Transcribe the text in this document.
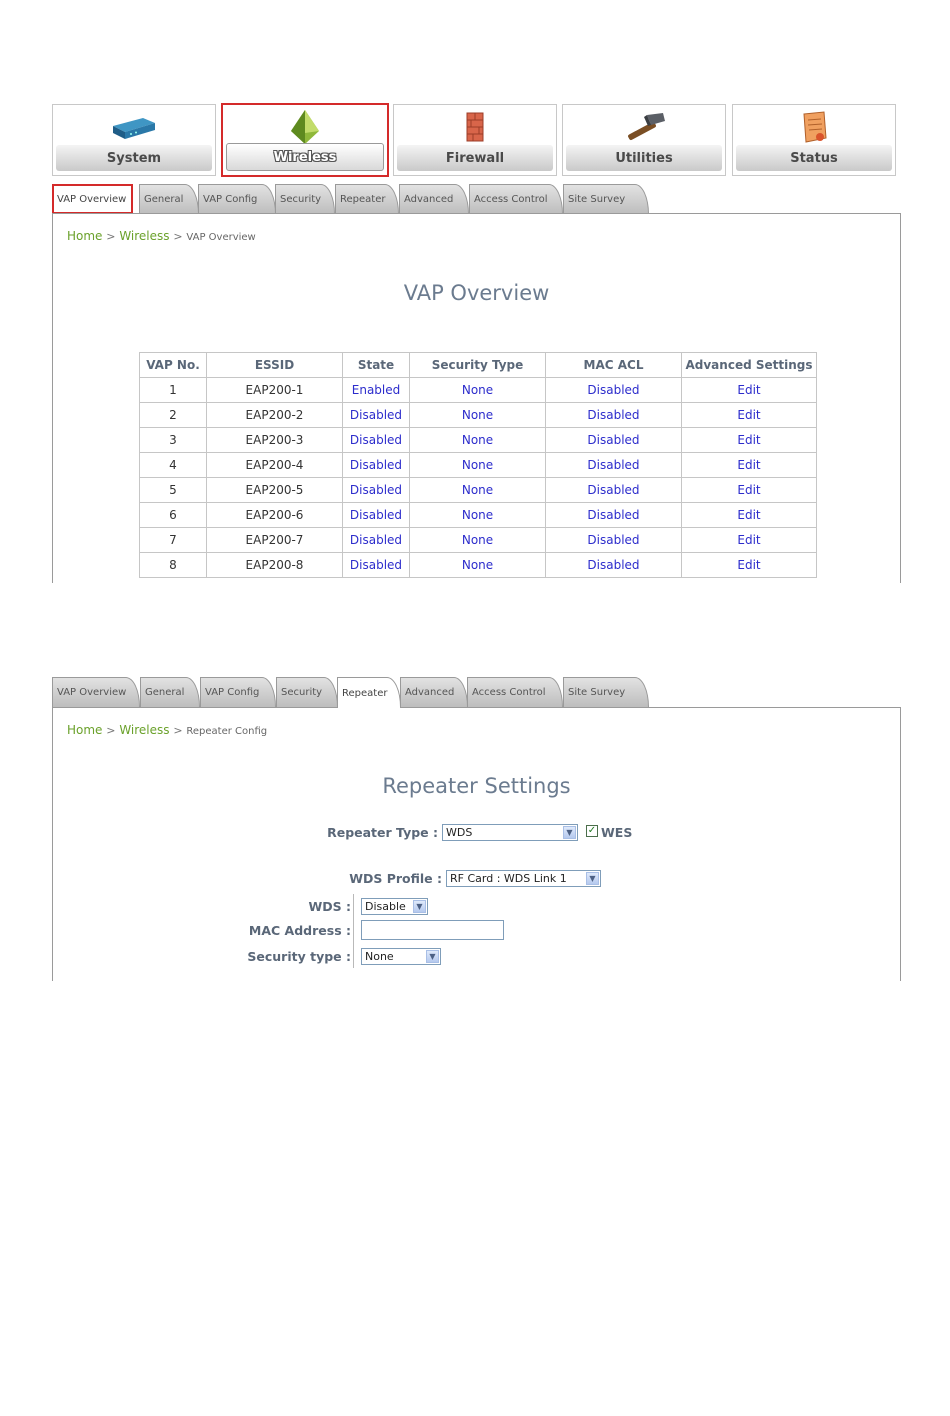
System	Wireless	Firewall	Utilities	Status
VAP Overview	General	VAP Config	Security	Repeater	Advanced	Access Control	Site Survey
Home > Wireless > VAP Overview
VAP Overview
VAP No.	ESSID	State	Security Type	MAC ACL	Advanced Settings
1	EAP200-1	Enabled	None	Disabled	Edit
2	EAP200-2	Disabled	None	Disabled	Edit
3	EAP200-3	Disabled	None	Disabled	Edit
4	EAP200-4	Disabled	None	Disabled	Edit
5	EAP200-5	Disabled	None	Disabled	Edit
6	EAP200-6	Disabled	None	Disabled	Edit
7	EAP200-7	Disabled	None	Disabled	Edit
8	EAP200-8	Disabled	None	Disabled	Edit
VAP Overview	General	VAP Config	Security	Repeater	Advanced	Access Control	Site Survey
Home > Wireless > Repeater Config
Repeater Settings
Repeater Type : WDS	▼	✓ WES
WDS Profile : RF Card : WDS Link 1	▼
WDS :	Disable	▼
MAC Address :
Security type :	None	▼
